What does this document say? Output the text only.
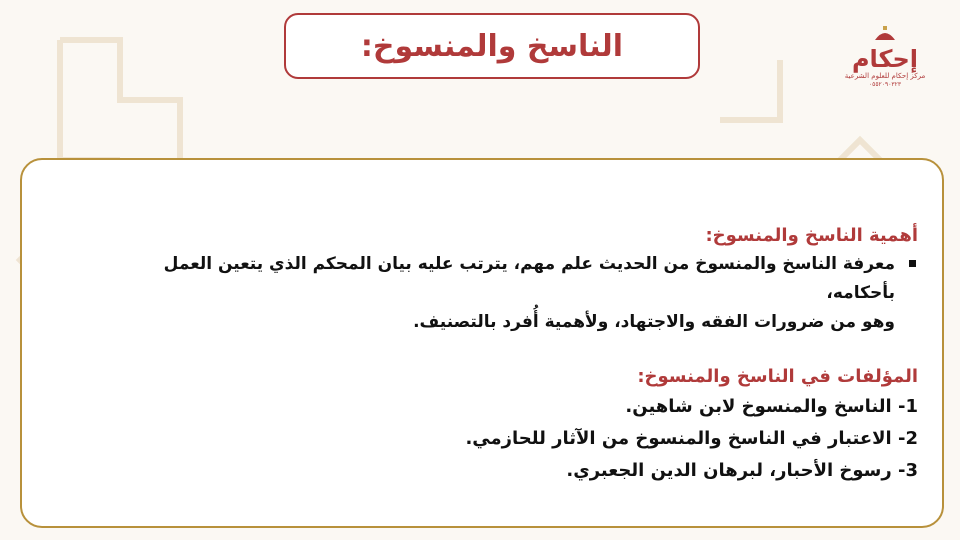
إحكام
مركز إحكام للعلوم الشرعية
٠٥٥٢٠٩٠٣٢٣
الناسخ والمنسوخ:

أهمية الناسخ والمنسوخ:

معرفة الناسخ والمنسوخ من الحديث علم مهم، يترتب عليه بيان المحكم الذي يتعين العمل بأحكامه،

وهو من ضرورات الفقه والاجتهاد، ولأهمية أُفرد بالتصنيف.

المؤلفات في الناسخ والمنسوخ:

1- الناسخ والمنسوخ لابن شاهين.

2- الاعتبار في الناسخ والمنسوخ من الآثار للحازمي.

3- رسوخ الأحبار، لبرهان الدين الجعبري.
